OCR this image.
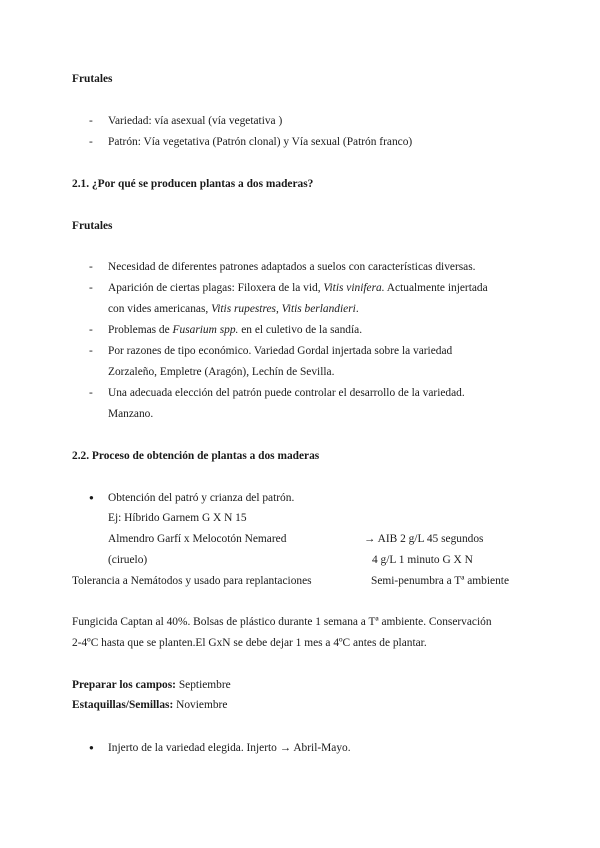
Frutales
- Variedad: vía asexual (vía vegetativa )
- Patrón: Vía vegetativa (Patrón clonal) y Vía sexual (Patrón franco)
2.1. ¿Por qué se producen plantas a dos maderas?
Frutales
- Necesidad de diferentes patrones adaptados a suelos con características diversas.
- Aparición de ciertas plagas: Filoxera de la vid, Vitis vinifera. Actualmente injertada
con vides americanas, Vitis rupestres, Vitis berlandieri.
- Problemas de Fusarium spp. en el culetivo de la sandía.
- Por razones de tipo económico. Variedad Gordal injertada sobre la variedad
Zorzaleño, Empletre (Aragón), Lechín de Sevilla.
- Una adecuada elección del patrón puede controlar el desarrollo de la variedad.
Manzano.
2.2. Proceso de obtención de plantas a dos maderas
● Obtención del patró y crianza del patrón.
Ej: Híbrido Garnem G X N 15
Almendro Garfí x Melocotón Nemared	→ AIB 2 g/L 45 segundos
(ciruelo)	4 g/L 1 minuto G X N
Tolerancia a Nemátodos y usado para replantaciones	Semi-penumbra a Tª ambiente
Fungicida Captan al 40%. Bolsas de plástico durante 1 semana a Tª ambiente. Conservación
2-4ºC hasta que se planten.El GxN se debe dejar 1 mes a 4ºC antes de plantar.
Preparar los campos: Septiembre
Estaquillas/Semillas: Noviembre
● Injerto de la variedad elegida. Injerto → Abril-Mayo.
